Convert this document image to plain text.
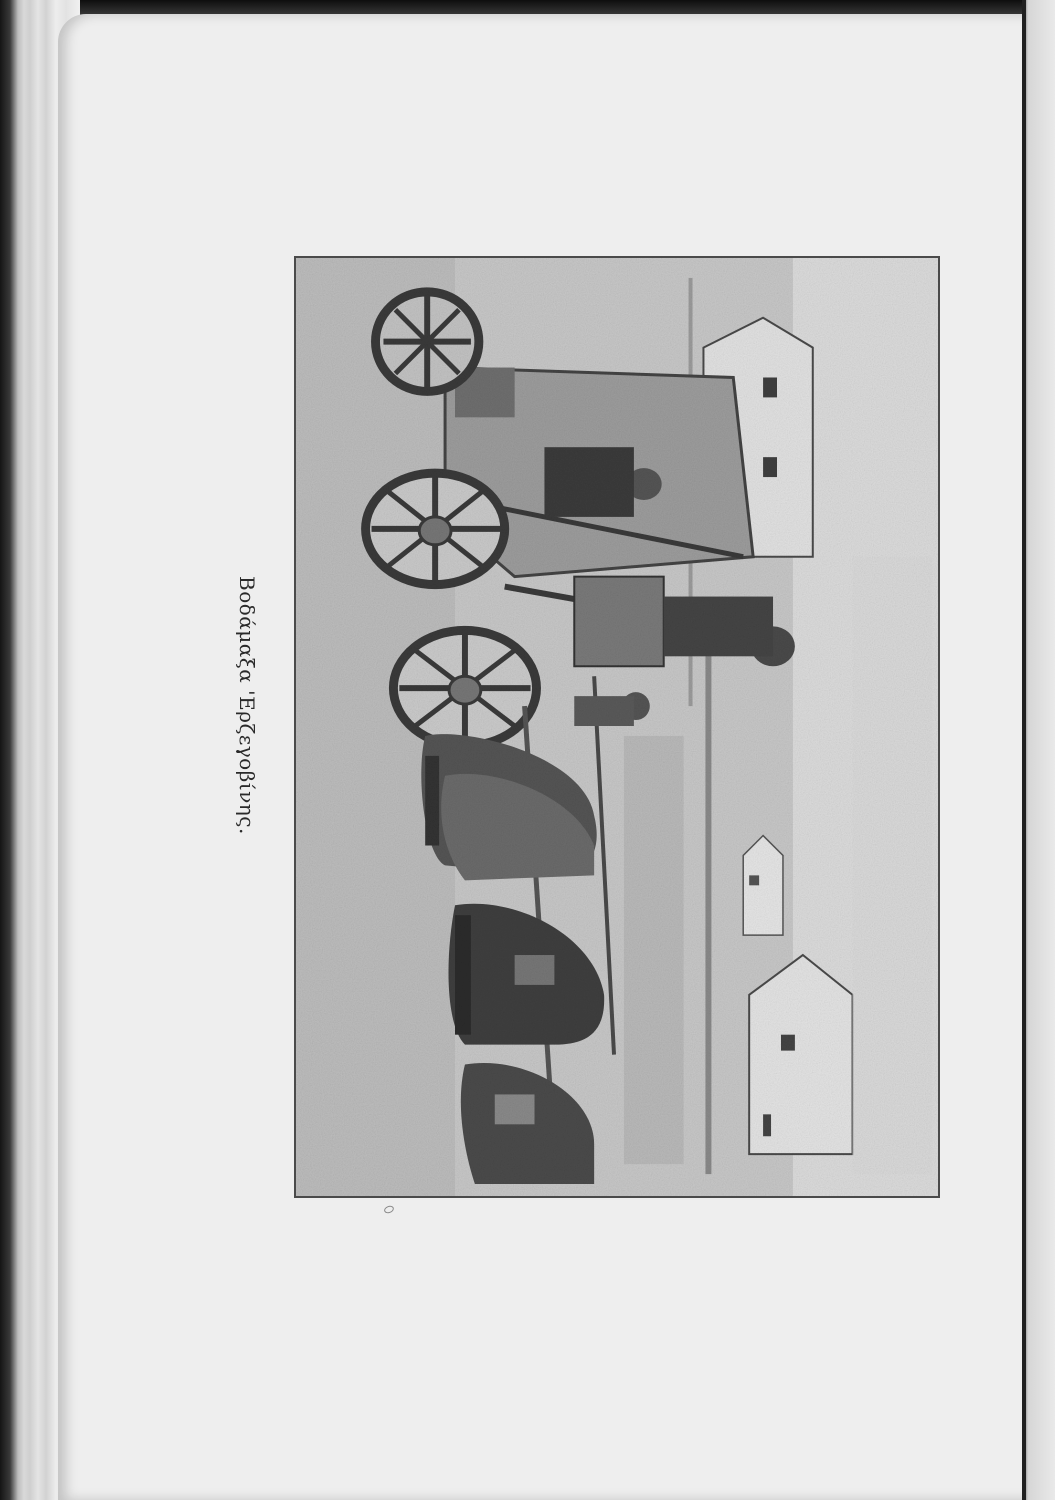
Βοδάμαξα 'Ερζεγοβίνης.
